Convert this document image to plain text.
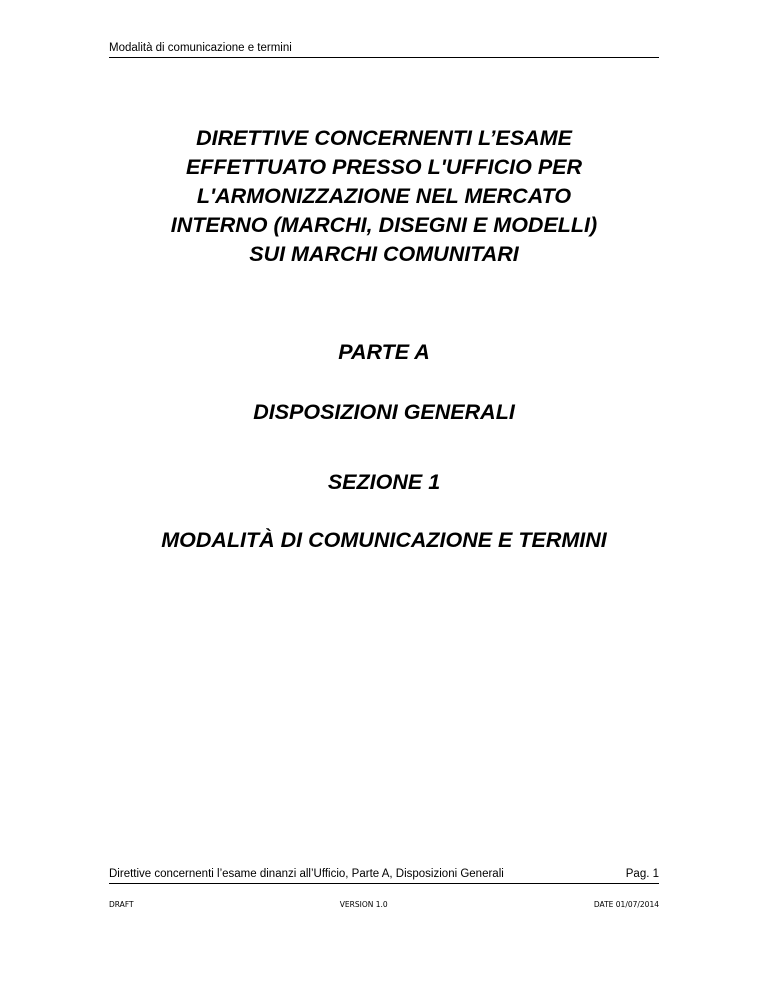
Modalità di comunicazione e termini
DIRETTIVE CONCERNENTI L’ESAME
EFFETTUATO PRESSO L'UFFICIO PER
L'ARMONIZZAZIONE NEL MERCATO
INTERNO (MARCHI, DISEGNI E MODELLI)
SUI MARCHI COMUNITARI
PARTE A
DISPOSIZIONI GENERALI
SEZIONE 1
MODALITÀ DI COMUNICAZIONE E TERMINI
Direttive concernenti l’esame dinanzi all’Ufficio, Parte A, Disposizioni Generali	Pag. 1
DRAFT	VERSION 1.0	DATE 01/07/2014
